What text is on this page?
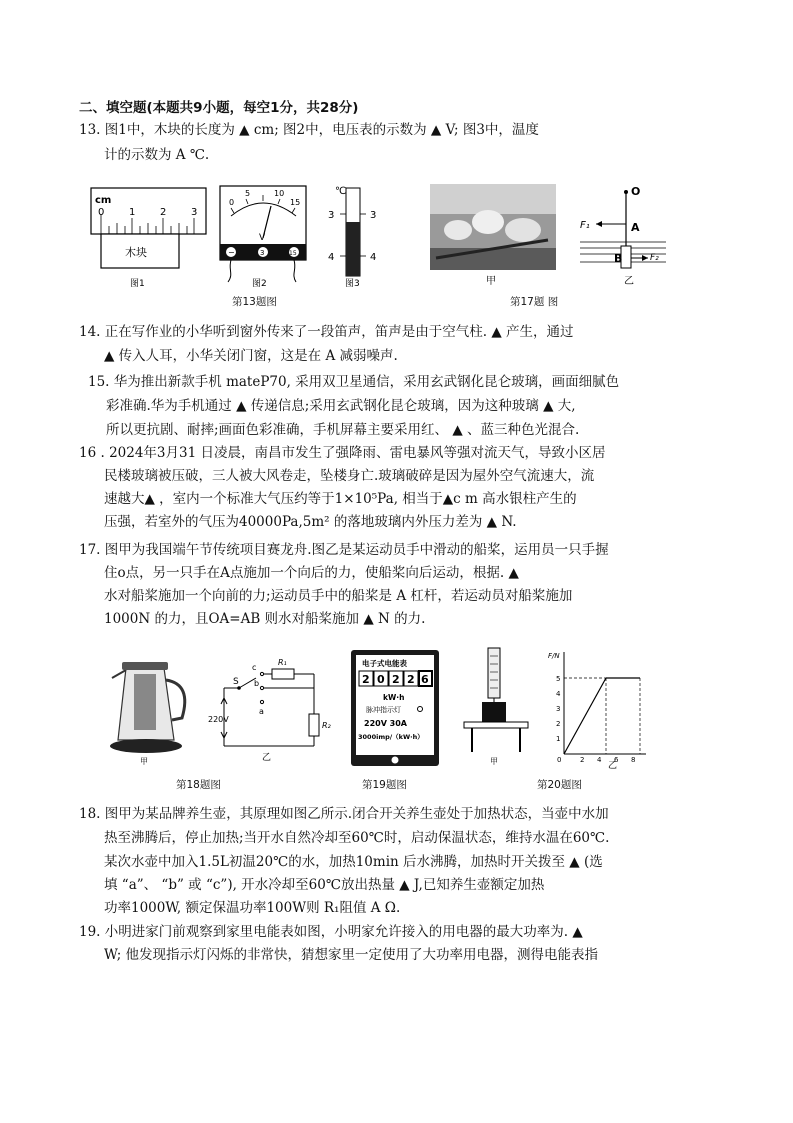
二、填空题(本题共9小题，每空1分，共28分)
13. 图1中，木块的长度为 ▲ cm; 图2中，电压表的示数为 ▲ V; 图3中，温度
计的示数为 A ℃.
cm
0 1 2 3
木块
图1
0
5	10
15
V
−	3	15
图2
℃
3	3
4	4
图3
第13题图
甲
O
A
F₁
B	F₂
乙
第17题 图
14. 正在写作业的小华听到窗外传来了一段笛声，笛声是由于空气柱. ▲ 产生，通过
▲ 传入人耳，小华关闭门窗，这是在 A 减弱噪声.
15. 华为推出新款手机 mateP70, 采用双卫星通信，采用玄武钢化昆仑玻璃，画面细腻色
彩准确.华为手机通过 ▲ 传递信息;采用玄武钢化昆仑玻璃，因为这种玻璃 ▲ 大,
所以更抗剧、耐摔;画面色彩准确，手机屏幕主要采用红、 ▲ 、蓝三种色光混合.
16 . 2024年3月31 日凌晨，南昌市发生了强降雨、雷电暴风等强对流天气，导致小区居
民楼玻璃被压破，三人被大风卷走，坠楼身亡.玻璃破碎是因为屋外空气流速大，流
速越大▲ ，室内一个标准大气压约等于1×10⁵Pa, 相当于▲c m 高水银柱产生的
压强，若室外的气压为40000Pa,5m² 的落地玻璃内外压力差为 ▲ N.
17. 图甲为我国端午节传统项目赛龙舟.图乙是某运动员手中滑动的船桨，运用员一只手握
住o点，另一只手在A点施加一个向后的力，使船桨向后运动，根据. ▲
水对船桨施加一个向前的力;运动员手中的船桨是 A 杠杆，若运动员对船桨施加
1000N 的力，且OA=AB 则水对船桨施加 ▲ N 的力.
甲
c
b
a
S
R₁
R₂
220V
乙
第18题图
电子式电能表
2 0 2 2 6
kW·h
脉冲指示灯
220V 30A
3000imp/（kW·h）
第19题图
甲
F/N
5
4
3
2
1
0	2 4 6 8
乙
第20题图
18. 图甲为某品牌养生壶，其原理如图乙所示.闭合开关养生壶处于加热状态，当壶中水加
热至沸腾后，停止加热;当开水自然冷却至60℃时，启动保温状态，维持水温在60℃.
某次水壶中加入1.5L初温20℃的水，加热10min 后水沸腾，加热时开关拨至 ▲ (选
填 “a”、 “b” 或 “c”), 开水冷却至60℃放出热量 ▲ J,已知养生壶额定加热
功率1000W, 额定保温功率100W则 R₁阻值 A Ω.
19. 小明进家门前观察到家里电能表如图，小明家允许接入的用电器的最大功率为. ▲
W; 他发现指示灯闪烁的非常快，猜想家里一定使用了大功率用电器，测得电能表指
